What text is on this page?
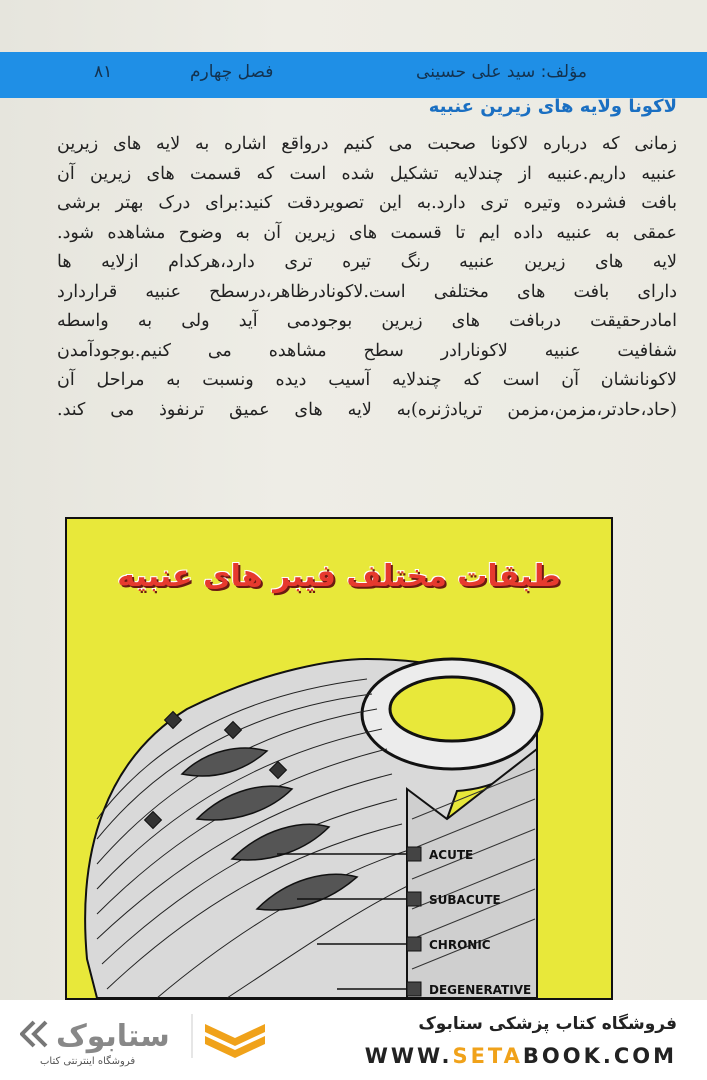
مؤلف: سید علی حسینی
فصل چهارم
۸۱
لاکونا ولایه های زیرین عنبیه

زمانی که درباره لاکونا صحبت می کنیم درواقع اشاره به لایه های زیرین

عنبیه داریم.عنبیه از چندلایه تشکیل شده است که قسمت های زیرین آن

بافت فشرده وتیره تری دارد.به این تصویردقت کنید:برای درک بهتر برشی

عمقی به عنبیه داده ایم تا قسمت های زیرین آن به وضوح مشاهده شود.

لایه های زیرین عنبیه رنگ تیره تری دارد،هرکدام ازلایه ها

دارای بافت های مختلفی است.لاکونادرظاهر،درسطح عنبیه قراردارد

امادرحقیقت دربافت های زیرین بوجودمی آید ولی به واسطه

شفافیت عنبیه لاکونارادر سطح مشاهده می کنیم.بوجودآمدن

لاکونانشان آن است که چندلایه آسیب دیده ونسبت به مراحل آن

(حاد،حادتر،مزمن،مزمن تریادژنره)به لایه های عمیق ترنفوذ می کند.

ACUTE
SUBACUTE
CHRONIC
DEGENERATIVE
طبقات مختلف فیبر های عنبیه
ستابوک
فروشگاه اینترنتی کتاب
فروشگاه کتاب پزشکی ستابوک
WWW.SETABOOK.COM
